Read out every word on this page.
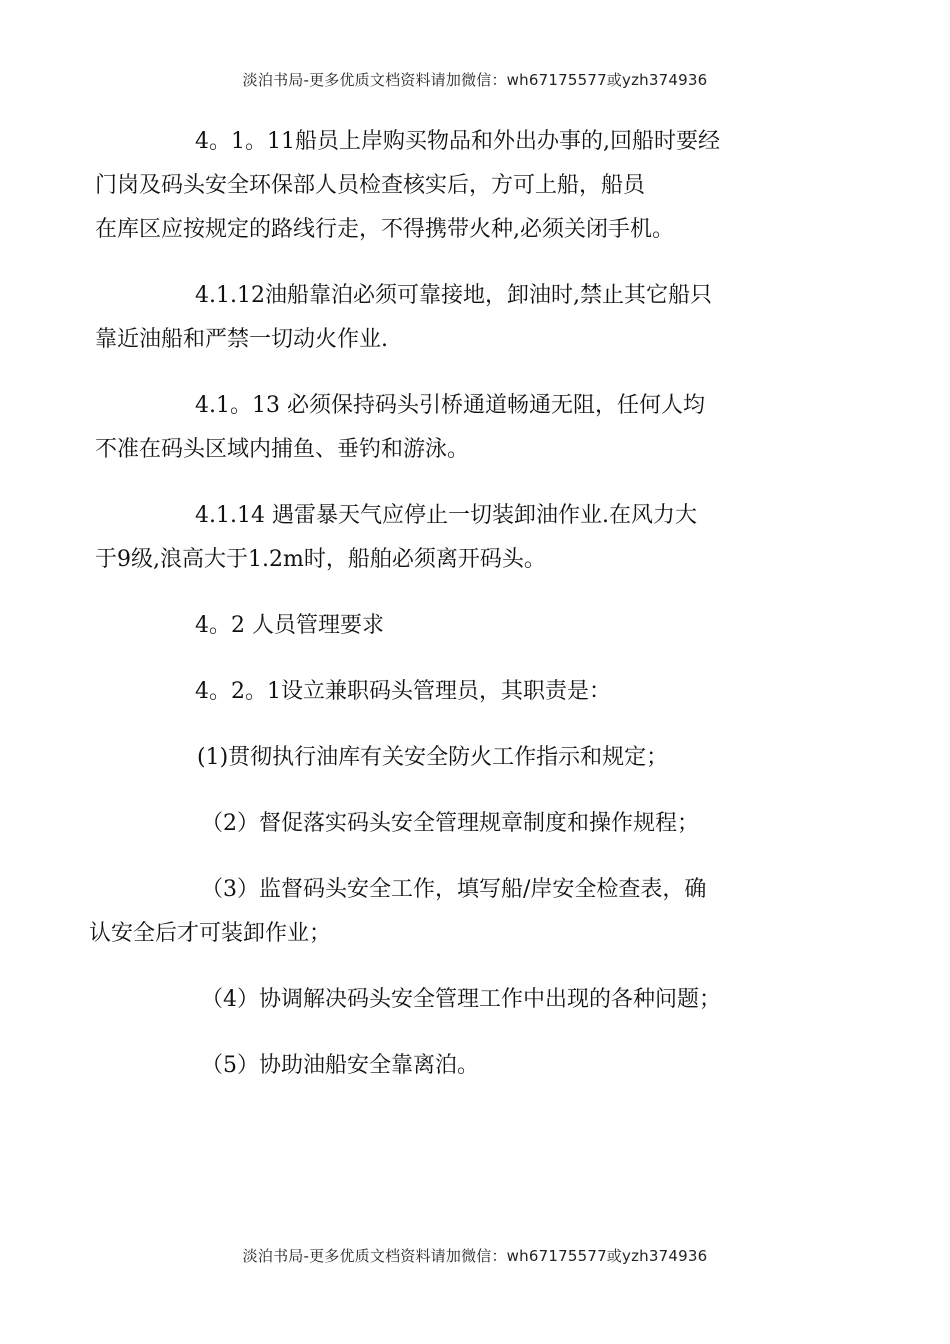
淡泊书局-更多优质文档资料请加微信：wh67175577或yzh374936

4。1。11船员上岸购买物品和外出办事的,回船时要经
门岗及码头安全环保部人员检查核实后，方可上船，船员
在库区应按规定的路线行走，不得携带火种,必须关闭手机。

4.1.12油船靠泊必须可靠接地，卸油时,禁止其它船只
靠近油船和严禁一切动火作业.

4.1。13 必须保持码头引桥通道畅通无阻，任何人均
不准在码头区域内捕鱼、垂钓和游泳。

4.1.14 遇雷暴天气应停止一切装卸油作业.在风力大
于9级,浪高大于1.2m时，船舶必须离开码头。

4。2 人员管理要求

4。2。1设立兼职码头管理员，其职责是：

(1)贯彻执行油库有关安全防火工作指示和规定；

（2）督促落实码头安全管理规章制度和操作规程；

（3）监督码头安全工作，填写船/岸安全检查表，确
认安全后才可装卸作业；

（4）协调解决码头安全管理工作中出现的各种问题；

（5）协助油船安全靠离泊。

淡泊书局-更多优质文档资料请加微信：wh67175577或yzh374936
